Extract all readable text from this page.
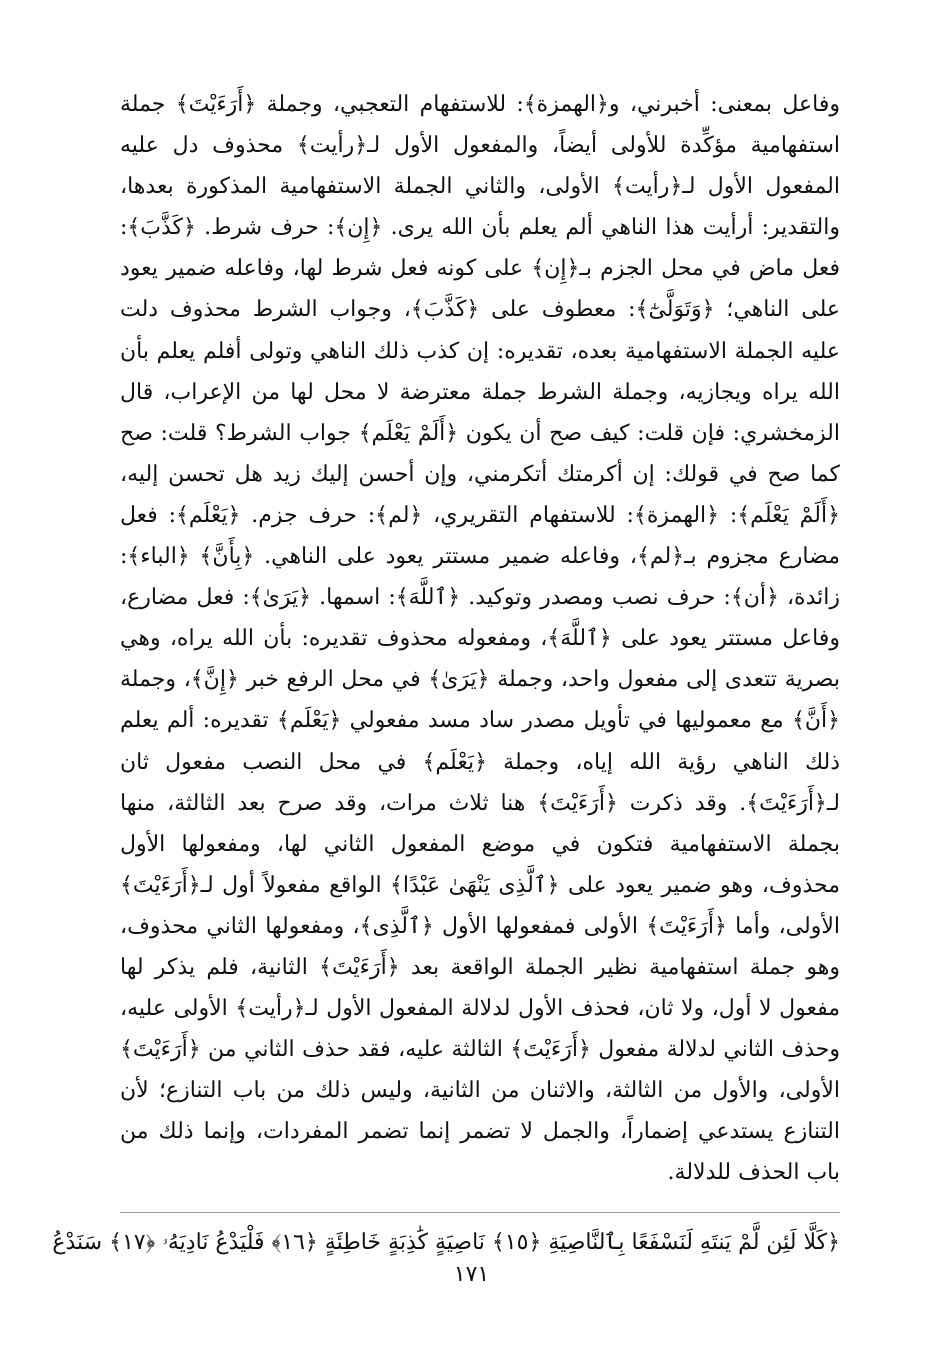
وفاعل بمعنى: أخبرني، و﴿الهمزة﴾: للاستفهام التعجبي، وجملة ﴿أَرَءَيْتَ﴾ جملة استفهامية مؤكِّدة للأولى أيضاً، والمفعول الأول لـ﴿رأيت﴾ محذوف دل عليه المفعول الأول لـ﴿رأيت﴾ الأولى، والثاني الجملة الاستفهامية المذكورة بعدها، والتقدير: أرأيت هذا الناهي ألم يعلم بأن الله يرى. ﴿إِن﴾: حرف شرط. ﴿كَذَّبَ﴾: فعل ماض في محل الجزم بـ﴿إِن﴾ على كونه فعل شرط لها، وفاعله ضمير يعود على الناهي؛ ﴿وَتَوَلَّىٰٓ﴾: معطوف على ﴿كَذَّبَ﴾، وجواب الشرط محذوف دلت عليه الجملة الاستفهامية بعده، تقديره: إن كذب ذلك الناهي وتولى أفلم يعلم بأن الله يراه ويجازيه، وجملة الشرط جملة معترضة لا محل لها من الإعراب، قال الزمخشري: فإن قلت: كيف صح أن يكون ﴿أَلَمْ يَعْلَم﴾ جواب الشرط؟ قلت: صح كما صح في قولك: إن أكرمتك أتكرمني، وإن أحسن إليك زيد هل تحسن إليه، ﴿أَلَمْ يَعْلَم﴾: ﴿الهمزة﴾: للاستفهام التقريري، ﴿لم﴾: حرف جزم. ﴿يَعْلَم﴾: فعل مضارع مجزوم بـ﴿لم﴾، وفاعله ضمير مستتر يعود على الناهي. ﴿بِأَنَّ﴾ ﴿الباء﴾: زائدة، ﴿أن﴾: حرف نصب ومصدر وتوكيد. ﴿ٱللَّهَ﴾: اسمها. ﴿يَرَىٰ﴾: فعل مضارع، وفاعل مستتر يعود على ﴿ٱللَّهَ﴾، ومفعوله محذوف تقديره: بأن الله يراه، وهي بصرية تتعدى إلى مفعول واحد، وجملة ﴿يَرَىٰ﴾ في محل الرفع خبر ﴿إِنَّ﴾، وجملة ﴿أَنَّ﴾ مع معموليها في تأويل مصدر ساد مسد مفعولي ﴿يَعْلَم﴾ تقديره: ألم يعلم ذلك الناهي رؤية الله إياه، وجملة ﴿يَعْلَم﴾ في محل النصب مفعول ثان لـ﴿أَرَءَيْتَ﴾. وقد ذكرت ﴿أَرَءَيْتَ﴾ هنا ثلاث مرات، وقد صرح بعد الثالثة، منها بجملة الاستفهامية فتكون في موضع المفعول الثاني لها، ومفعولها الأول محذوف، وهو ضمير يعود على ﴿ٱلَّذِى يَنْهَىٰ عَبْدًا﴾ الواقع مفعولاً أول لـ﴿أَرَءَيْتَ﴾ الأولى، وأما ﴿أَرَءَيْتَ﴾ الأولى فمفعولها الأول ﴿ٱلَّذِى﴾، ومفعولها الثاني محذوف، وهو جملة استفهامية نظير الجملة الواقعة بعد ﴿أَرَءَيْتَ﴾ الثانية، فلم يذكر لها مفعول لا أول، ولا ثان، فحذف الأول لدلالة المفعول الأول لـ﴿رأيت﴾ الأولى عليه، وحذف الثاني لدلالة مفعول ﴿أَرَءَيْتَ﴾ الثالثة عليه، فقد حذف الثاني من ﴿أَرَءَيْتَ﴾ الأولى، والأول من الثالثة، والاثنان من الثانية، وليس ذلك من باب التنازع؛ لأن التنازع يستدعي إضماراً، والجمل لا تضمر إنما تضمر المفردات، وإنما ذلك من باب الحذف للدلالة.

﴿كَلَّا لَئِن لَّمْ يَنتَهِ لَنَسْفَعًا بِٱلنَّاصِيَةِ ﴿١٥﴾ نَاصِيَةٍ كَٰذِبَةٍ خَاطِئَةٍ ﴿١٦﴾ فَلْيَدْعُ نَادِيَهُۥ ﴿١٧﴾ سَنَدْعُ

١٧١
